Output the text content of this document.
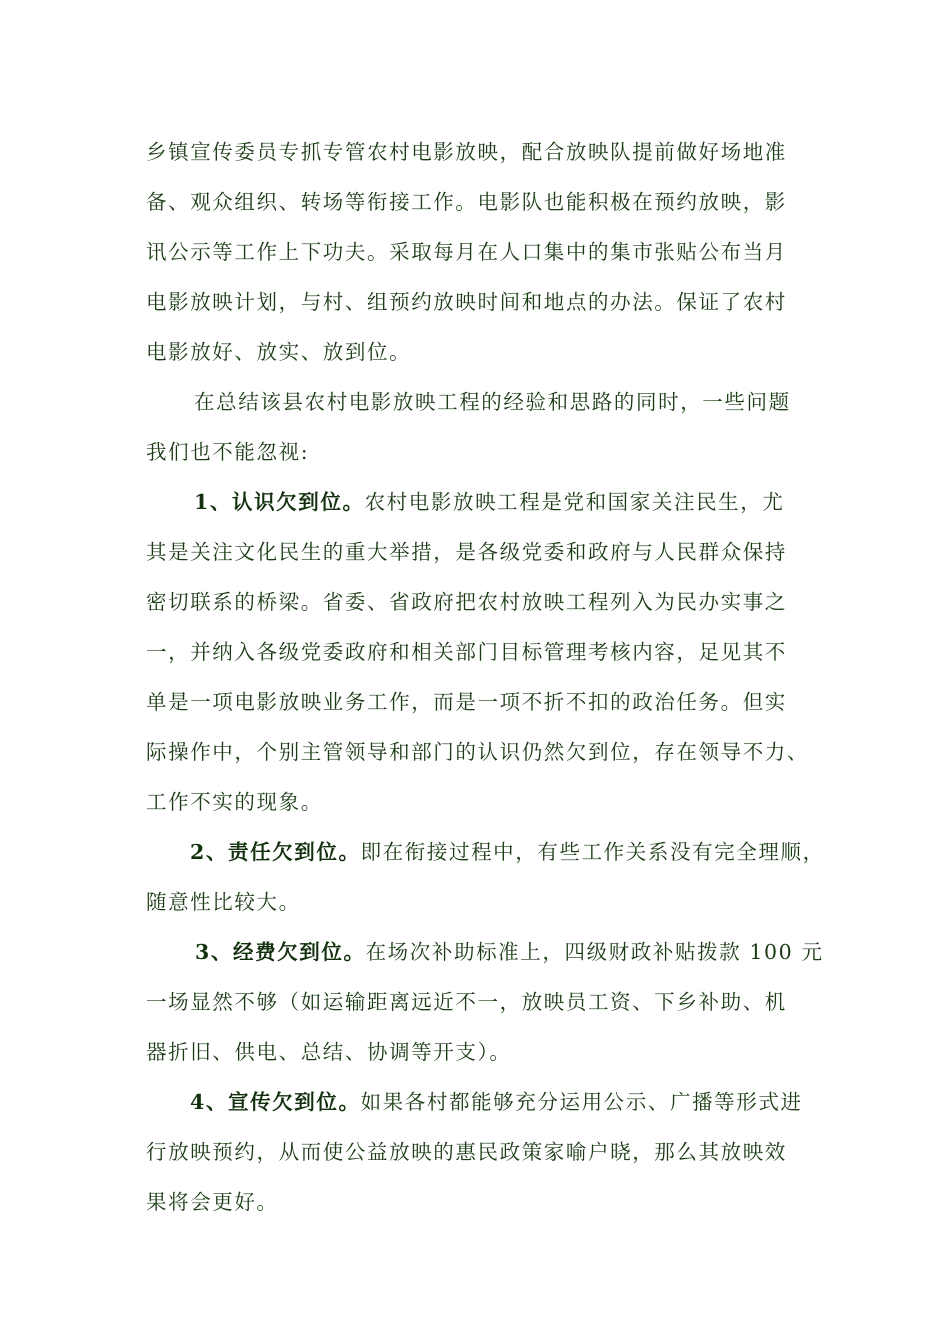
乡镇宣传委员专抓专管农村电影放映，配合放映队提前做好场地准
备、观众组织、转场等衔接工作。电影队也能积极在预约放映，影
讯公示等工作上下功夫。采取每月在人口集中的集市张贴公布当月
电影放映计划，与村、组预约放映时间和地点的办法。保证了农村
电影放好、放实、放到位。
在总结该县农村电影放映工程的经验和思路的同时，一些问题
我们也不能忽视:
1、认识欠到位。农村电影放映工程是党和国家关注民生，尤
其是关注文化民生的重大举措，是各级党委和政府与人民群众保持
密切联系的桥梁。省委、省政府把农村放映工程列入为民办实事之
一，并纳入各级党委政府和相关部门目标管理考核内容，足见其不
单是一项电影放映业务工作，而是一项不折不扣的政治任务。但实
际操作中，个别主管领导和部门的认识仍然欠到位，存在领导不力、
工作不实的现象。
2、责任欠到位。即在衔接过程中，有些工作关系没有完全理顺，
随意性比较大。
3、经费欠到位。在场次补助标准上，四级财政补贴拨款 100 元
一场显然不够（如运输距离远近不一，放映员工资、下乡补助、机
器折旧、供电、总结、协调等开支）。
4、宣传欠到位。如果各村都能够充分运用公示、广播等形式进
行放映预约，从而使公益放映的惠民政策家喻户晓，那么其放映效
果将会更好。
